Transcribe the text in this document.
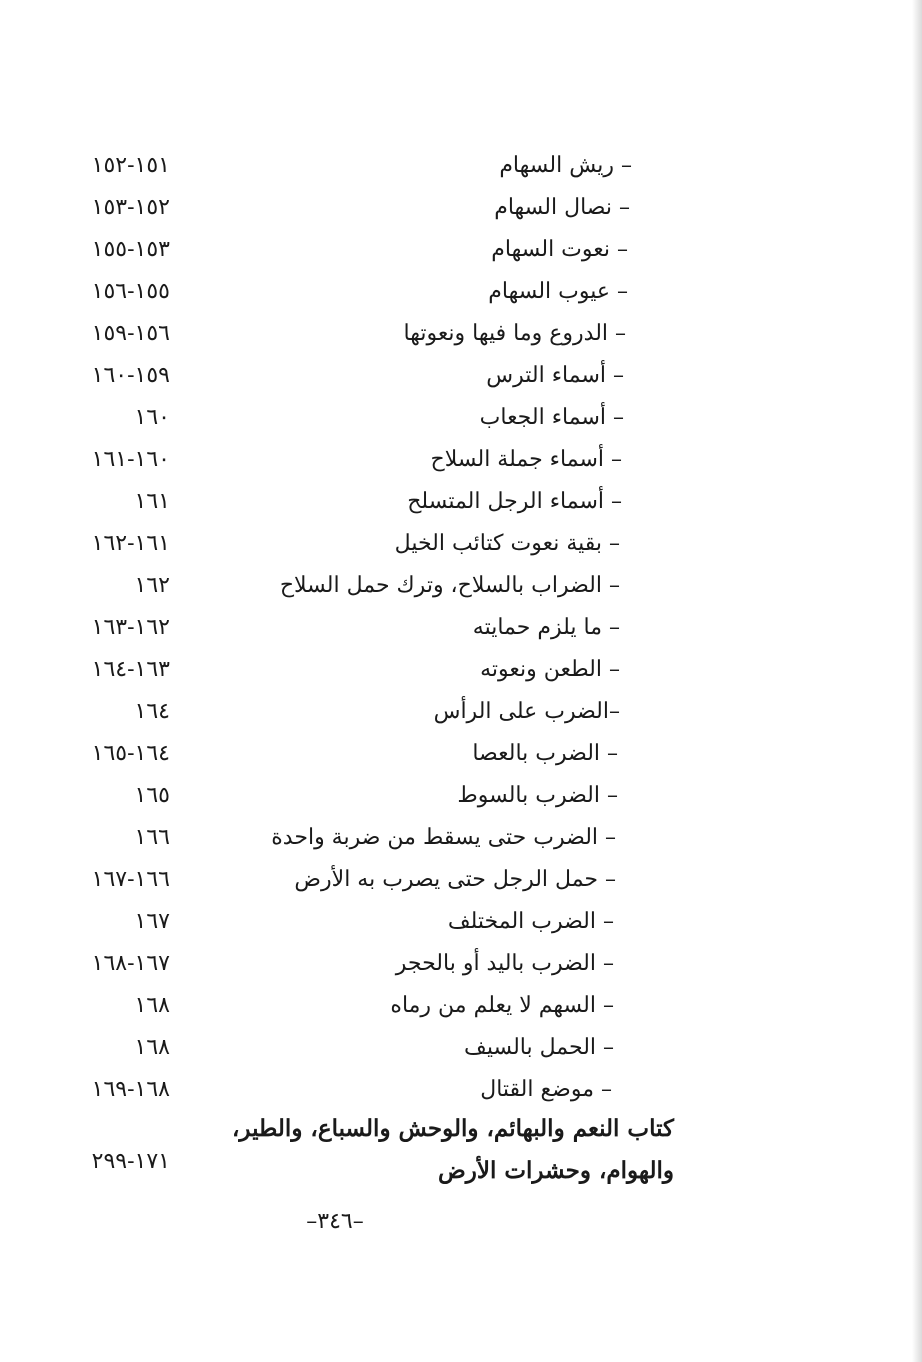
– ريش السهام
١٥١-١٥٢
– نصال السهام
١٥٢-١٥٣
– نعوت السهام
١٥٣-١٥٥
– عيوب السهام
١٥٥-١٥٦
– الدروع وما فيها ونعوتها
١٥٦-١٥٩
– أسماء الترس
١٥٩-١٦٠
– أسماء الجعاب
١٦٠
– أسماء جملة السلاح
١٦٠-١٦١
– أسماء الرجل المتسلح
١٦١
– بقية نعوت كتائب الخيل
١٦١-١٦٢
– الضراب بالسلاح، وترك حمل السلاح
١٦٢
– ما يلزم حمايته
١٦٢-١٦٣
– الطعن ونعوته
١٦٣-١٦٤
–الضرب على الرأس
١٦٤
– الضرب بالعصا
١٦٤-١٦٥
– الضرب بالسوط
١٦٥
– الضرب حتى يسقط من ضربة واحدة
١٦٦
– حمل الرجل حتى يصرب به الأرض
١٦٦-١٦٧
– الضرب المختلف
١٦٧
– الضرب باليد أو بالحجر
١٦٧-١٦٨
– السهم لا يعلم من رماه
١٦٨
– الحمل بالسيف
١٦٨
– موضع القتال
١٦٨-١٦٩
كتاب النعم والبهائم، والوحش والسباع، والطير،
والهوام، وحشرات الأرض
١٧١-٢٩٩
–٣٤٦–
